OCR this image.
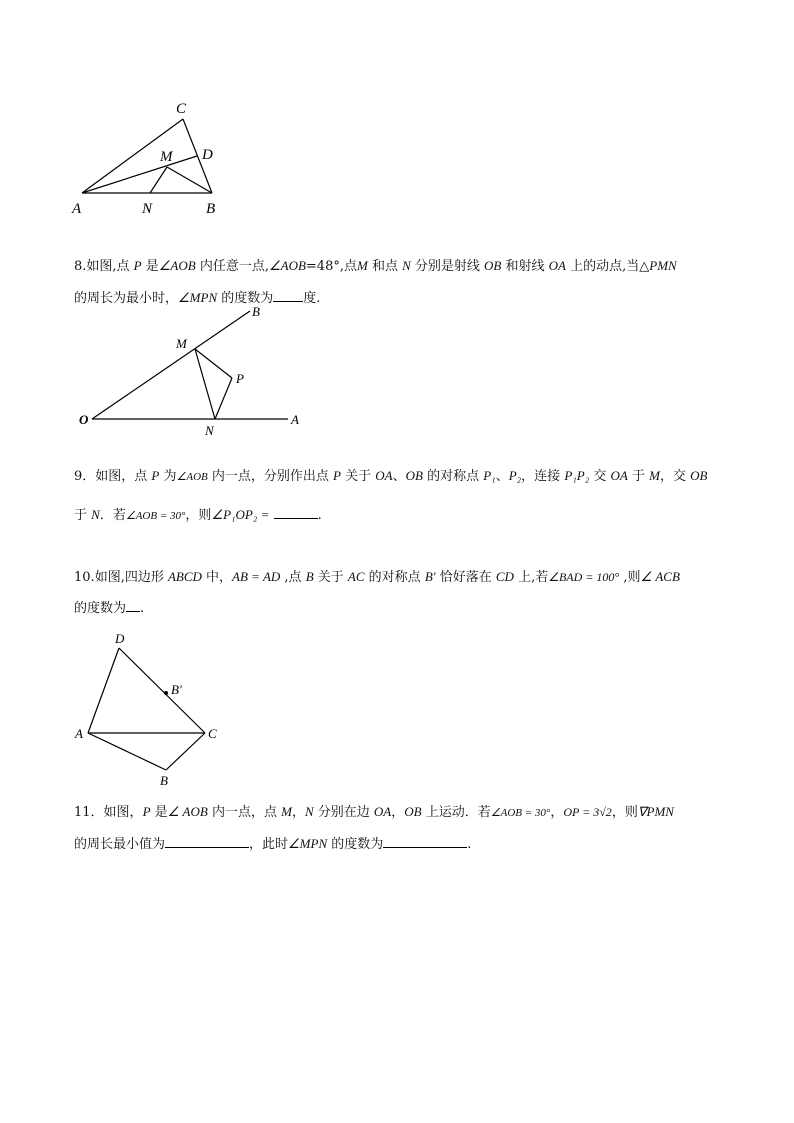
C
D
M
A	N	B
B
M
P
O	A
N
D
B′
A	C
B
8.如图,点 P 是∠AOB 内任意一点,∠AOB=48°,点M 和点 N 分别是射线 OB 和射线 OA 上的动点,当△PMN
的周长为最小时，∠MPN 的度数为 度.
9．如图，点 P 为∠AOB 内一点，分别作出点 P 关于 OA、OB 的对称点 P₁、P₂，连接 P₁P₂ 交 OA 于 M，交 OB
于 N．若∠AOB = 30°，则∠P₁OP₂ =	.
10.如图,四边形 ABCD 中，AB = AD ,点 B 关于 AC 的对称点 B′ 恰好落在 CD 上,若∠BAD = 100° ,则∠ ACB
的度数为 .
11．如图，P 是∠ AOB 内一点，点 M，N 分别在边 OA，OB 上运动．若∠AOB = 30°，OP = 3√2，则∇PMN
的周长最小值为	，此时∠MPN 的度数为	.
